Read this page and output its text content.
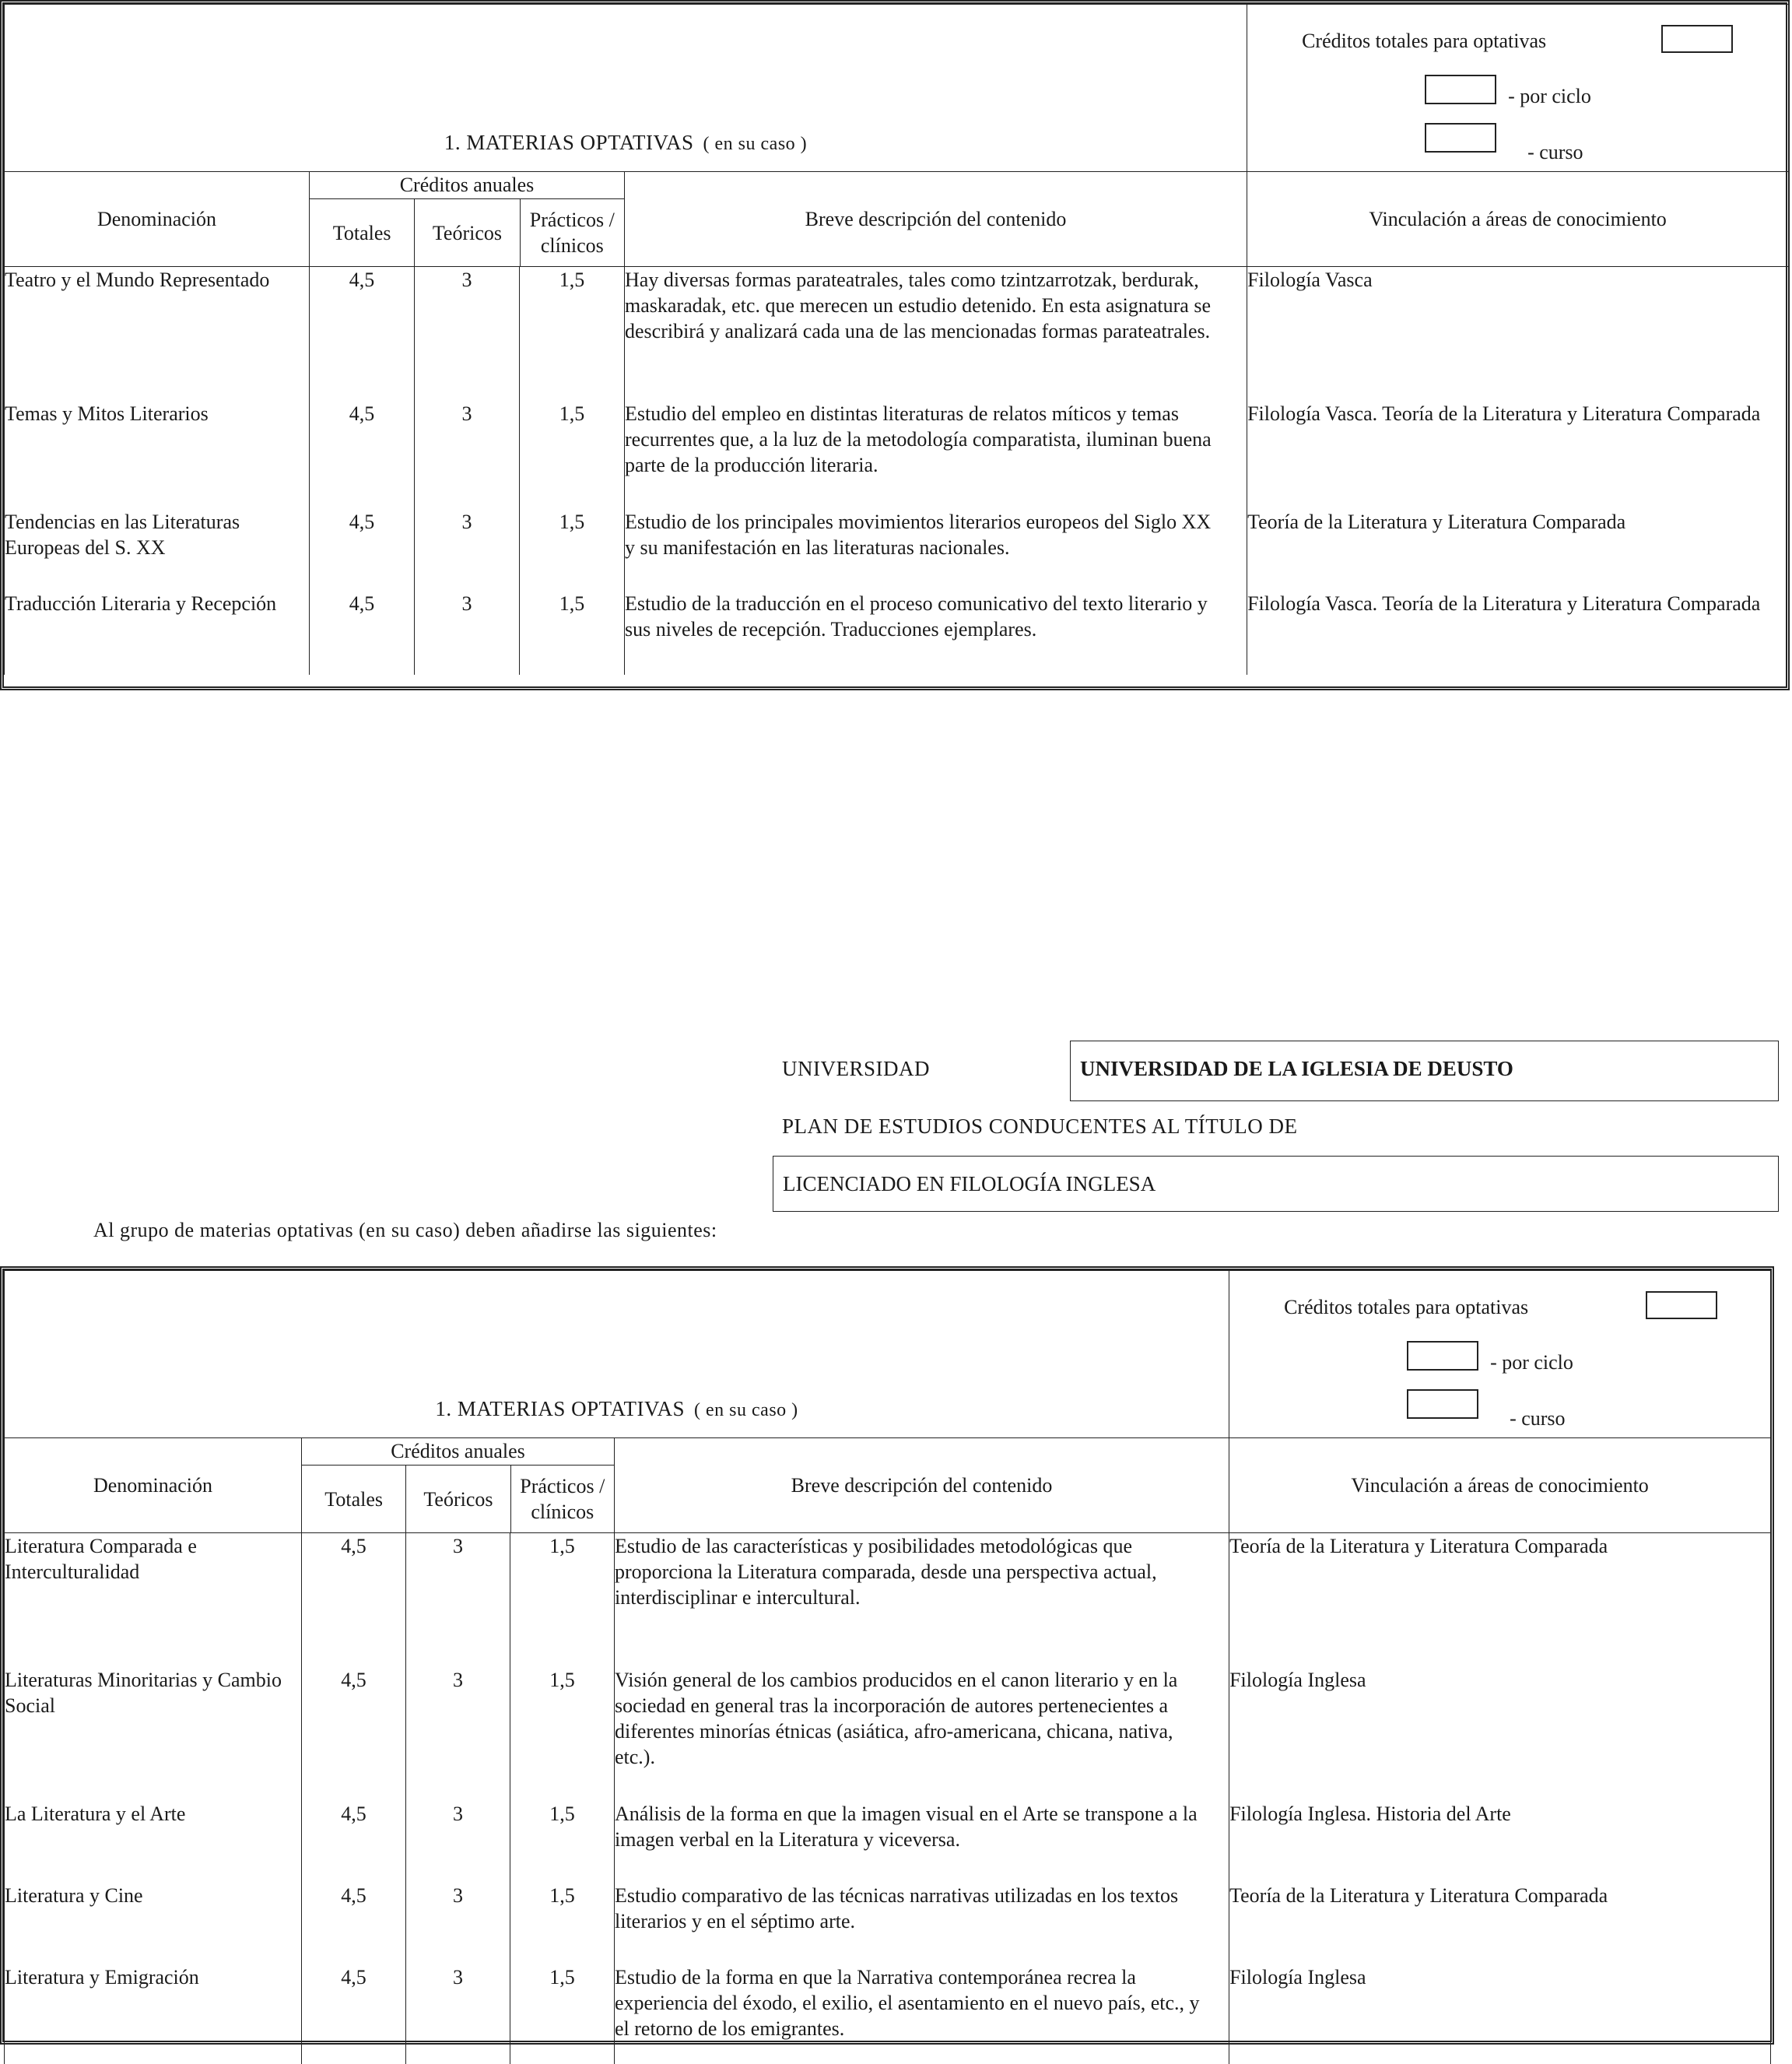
1. MATERIAS OPTATIVAS ( en su caso )					Créditos totales para optativas
- por ciclo
- curso

Denominación	Créditos anuales
Totales Teóricos
Prácticos / clínicos			Breve descripción del contenido	Vinculación a áreas de conocimiento
Teatro y el Mundo Representado	4,5	3	1,5	Hay diversas formas parateatrales, tales como tzintzarrotzak, berdurak, maskaradak, etc. que merecen un estudio detenido. En esta asignatura se describirá y analizará cada una de las mencionadas formas parateatrales.	Filología Vasca
Temas y Mitos Literarios	4,5	3	1,5	Estudio del empleo en distintas literaturas de relatos míticos y temas recurrentes que, a la luz de la metodología comparatista, iluminan buena parte de la producción literaria.	Filología Vasca. Teoría de la Literatura y Literatura Comparada
Tendencias en las Literaturas Europeas del S. XX	4,5	3	1,5	Estudio de los principales movimientos literarios europeos del Siglo XX y su manifestación en las literaturas nacionales.	Teoría de la Literatura y Literatura Comparada
Traducción Literaria y Recepción	4,5	3	1,5	Estudio de la traducción en el proceso comunicativo del texto literario y sus niveles de recepción. Traducciones ejemplares.	Filología Vasca. Teoría de la Literatura y Literatura Comparada
UNIVERSIDAD	UNIVERSIDAD DE LA IGLESIA DE DEUSTO
PLAN DE ESTUDIOS CONDUCENTES AL TÍTULO DE
LICENCIADO EN FILOLOGÍA INGLESA
Al grupo de materias optativas (en su caso) deben añadirse las siguientes:
1. MATERIAS OPTATIVAS ( en su caso )					Créditos totales para optativas
- por ciclo
- curso

Denominación	Créditos anuales
Totales Teóricos
Prácticos / clínicos			Breve descripción del contenido	Vinculación a áreas de conocimiento
Literatura Comparada e Interculturalidad	4,5	3	1,5	Estudio de las características y posibilidades metodológicas que proporciona la Literatura comparada, desde una perspectiva actual, interdisciplinar e intercultural.	Teoría de la Literatura y Literatura Comparada
Literaturas Minoritarias y Cambio Social	4,5	3	1,5	Visión general de los cambios producidos en el canon literario y en la sociedad en general tras la incorporación de autores pertenecientes a diferentes minorías étnicas (asiática, afro-americana, chicana, nativa, etc.).	Filología Inglesa
La Literatura y el Arte	4,5	3	1,5	Análisis de la forma en que la imagen visual en el Arte se transpone a la imagen verbal en la Literatura y viceversa.	Filología Inglesa. Historia del Arte
Literatura y Cine	4,5	3	1,5	Estudio comparativo de las técnicas narrativas utilizadas en los textos literarios y en el séptimo arte.	Teoría de la Literatura y Literatura Comparada
Literatura y Emigración	4,5	3	1,5	Estudio de la forma en que la Narrativa contemporánea recrea la experiencia del éxodo, el exilio, el asentamiento en el nuevo país, etc., y el retorno de los emigrantes.	Filología Inglesa
